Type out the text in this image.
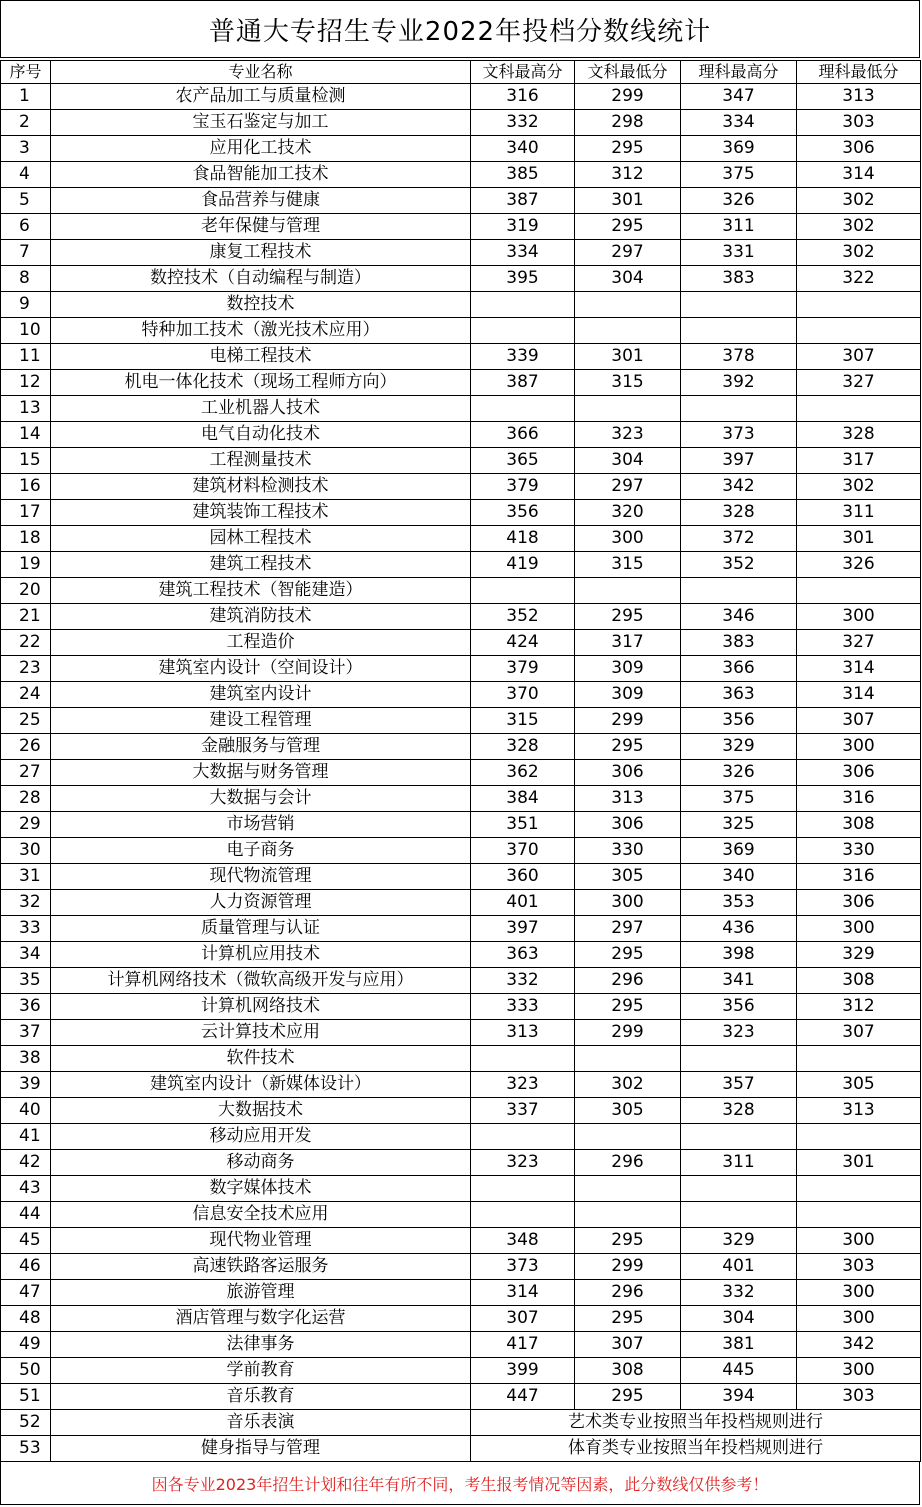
普通大专招生专业2022年投档分数线统计
序号	专业名称	文科最高分	文科最低分	理科最高分	理科最低分
1	农产品加工与质量检测	316	299	347	313
2	宝玉石鉴定与加工	332	298	334	303
3	应用化工技术	340	295	369	306
4	食品智能加工技术	385	312	375	314
5	食品营养与健康	387	301	326	302
6	老年保健与管理	319	295	311	302
7	康复工程技术	334	297	331	302
8	数控技术（自动编程与制造）	395	304	383	322
9	数控技术				
10	特种加工技术（激光技术应用）				
11	电梯工程技术	339	301	378	307
12	机电一体化技术（现场工程师方向）	387	315	392	327
13	工业机器人技术				
14	电气自动化技术	366	323	373	328
15	工程测量技术	365	304	397	317
16	建筑材料检测技术	379	297	342	302
17	建筑装饰工程技术	356	320	328	311
18	园林工程技术	418	300	372	301
19	建筑工程技术	419	315	352	326
20	建筑工程技术（智能建造）				
21	建筑消防技术	352	295	346	300
22	工程造价	424	317	383	327
23	建筑室内设计（空间设计）	379	309	366	314
24	建筑室内设计	370	309	363	314
25	建设工程管理	315	299	356	307
26	金融服务与管理	328	295	329	300
27	大数据与财务管理	362	306	326	306
28	大数据与会计	384	313	375	316
29	市场营销	351	306	325	308
30	电子商务	370	330	369	330
31	现代物流管理	360	305	340	316
32	人力资源管理	401	300	353	306
33	质量管理与认证	397	297	436	300
34	计算机应用技术	363	295	398	329
35	计算机网络技术（微软高级开发与应用）	332	296	341	308
36	计算机网络技术	333	295	356	312
37	云计算技术应用	313	299	323	307
38	软件技术				
39	建筑室内设计（新媒体设计）	323	302	357	305
40	大数据技术	337	305	328	313
41	移动应用开发				
42	移动商务	323	296	311	301
43	数字媒体技术				
44	信息安全技术应用				
45	现代物业管理	348	295	329	300
46	高速铁路客运服务	373	299	401	303
47	旅游管理	314	296	332	300
48	酒店管理与数字化运营	307	295	304	300
49	法律事务	417	307	381	342
50	学前教育	399	308	445	300
51	音乐教育	447	295	394	303
52	音乐表演	艺术类专业按照当年投档规则进行			
53	健身指导与管理	体育类专业按照当年投档规则进行			
因各专业2023年招生计划和往年有所不同，考生报考情况等因素，此分数线仅供参考！
